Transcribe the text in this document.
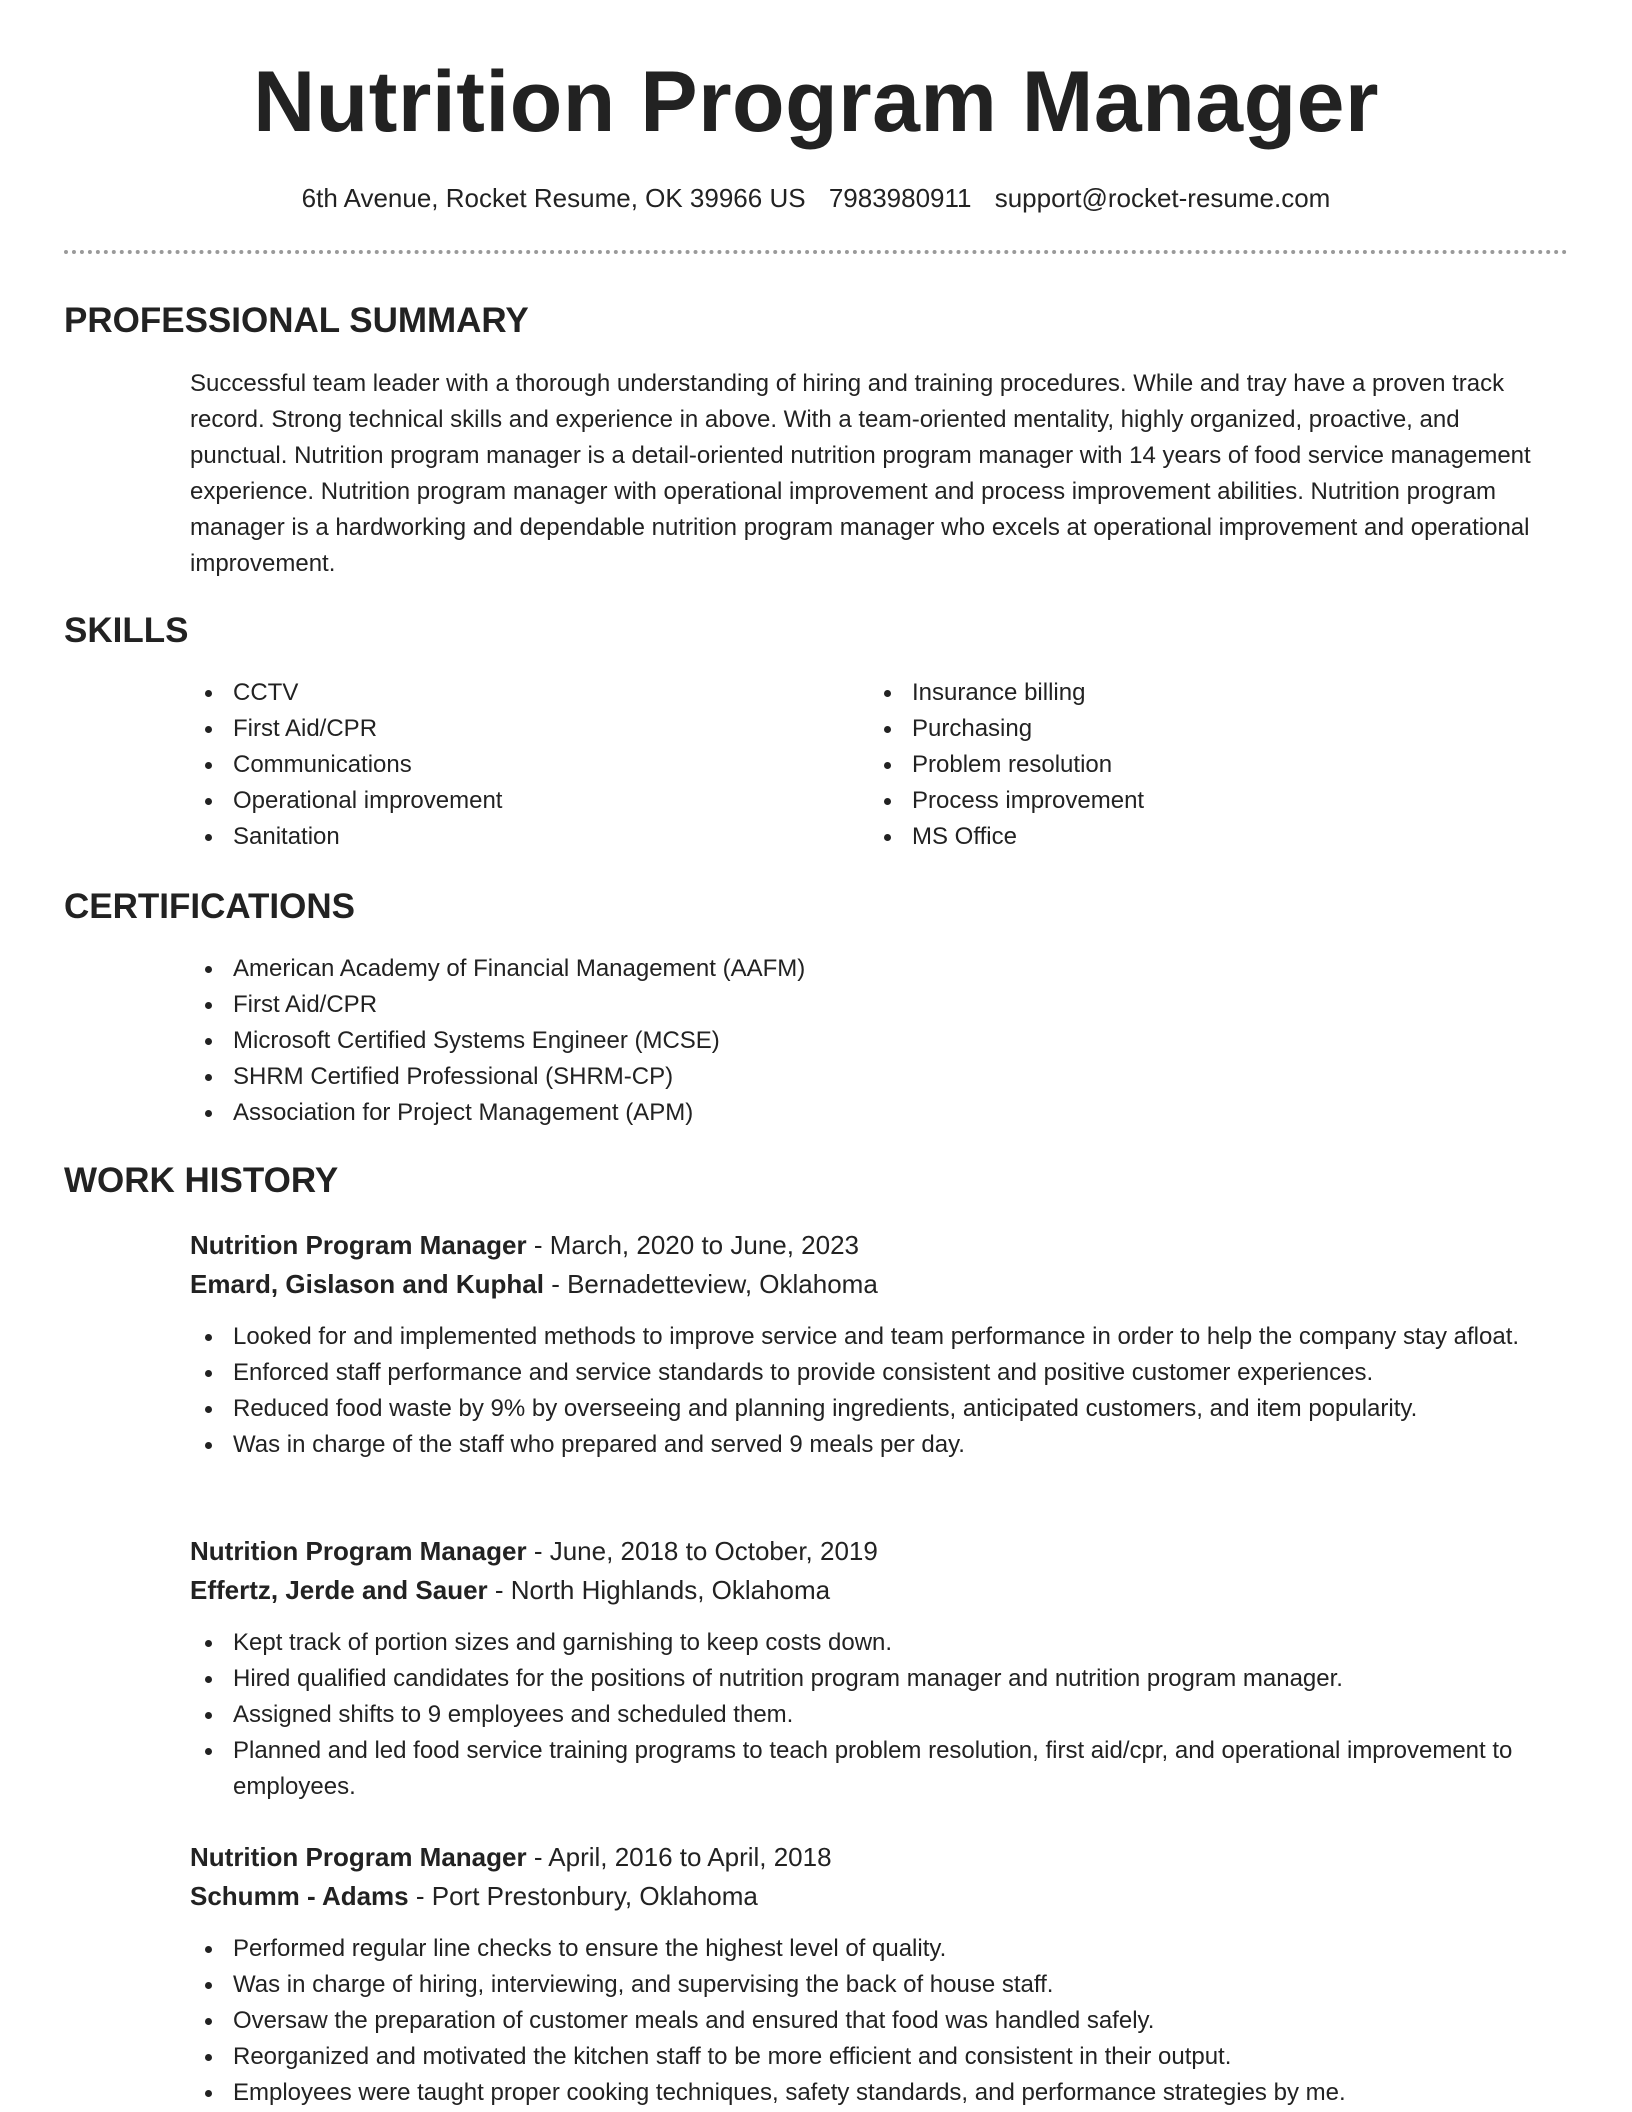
Nutrition Program Manager
6th Avenue, Rocket Resume, OK 39966 US 7983980911 support@rocket-resume.com
PROFESSIONAL SUMMARY

Successful team leader with a thorough understanding of hiring and training procedures. While and tray have a proven track record. Strong technical skills and experience in above. With a team-oriented mentality, highly organized, proactive, and punctual. Nutrition program manager is a detail-oriented nutrition program manager with 14 years of food service management experience. Nutrition program manager with operational improvement and process improvement abilities. Nutrition program manager is a hardworking and dependable nutrition program manager who excels at operational improvement and operational improvement.

SKILLS
CCTV
First Aid/CPR
Communications
Operational improvement
Sanitation
Insurance billing
Purchasing
Problem resolution
Process improvement
MS Office
CERTIFICATIONS
American Academy of Financial Management (AAFM)
First Aid/CPR
Microsoft Certified Systems Engineer (MCSE)
SHRM Certified Professional (SHRM-CP)
Association for Project Management (APM)
WORK HISTORY
Nutrition Program Manager - March, 2020 to June, 2023
Emard, Gislason and Kuphal - Bernadetteview, Oklahoma
Looked for and implemented methods to improve service and team performance in order to help the company stay afloat.
Enforced staff performance and service standards to provide consistent and positive customer experiences.
Reduced food waste by 9% by overseeing and planning ingredients, anticipated customers, and item popularity.
Was in charge of the staff who prepared and served 9 meals per day.
Nutrition Program Manager - June, 2018 to October, 2019
Effertz, Jerde and Sauer - North Highlands, Oklahoma
Kept track of portion sizes and garnishing to keep costs down.
Hired qualified candidates for the positions of nutrition program manager and nutrition program manager.
Assigned shifts to 9 employees and scheduled them.
Planned and led food service training programs to teach problem resolution, first aid/cpr, and operational improvement to employees.
Nutrition Program Manager - April, 2016 to April, 2018
Schumm - Adams - Port Prestonbury, Oklahoma
Performed regular line checks to ensure the highest level of quality.
Was in charge of hiring, interviewing, and supervising the back of house staff.
Oversaw the preparation of customer meals and ensured that food was handled safely.
Reorganized and motivated the kitchen staff to be more efficient and consistent in their output.
Employees were taught proper cooking techniques, safety standards, and performance strategies by me.
